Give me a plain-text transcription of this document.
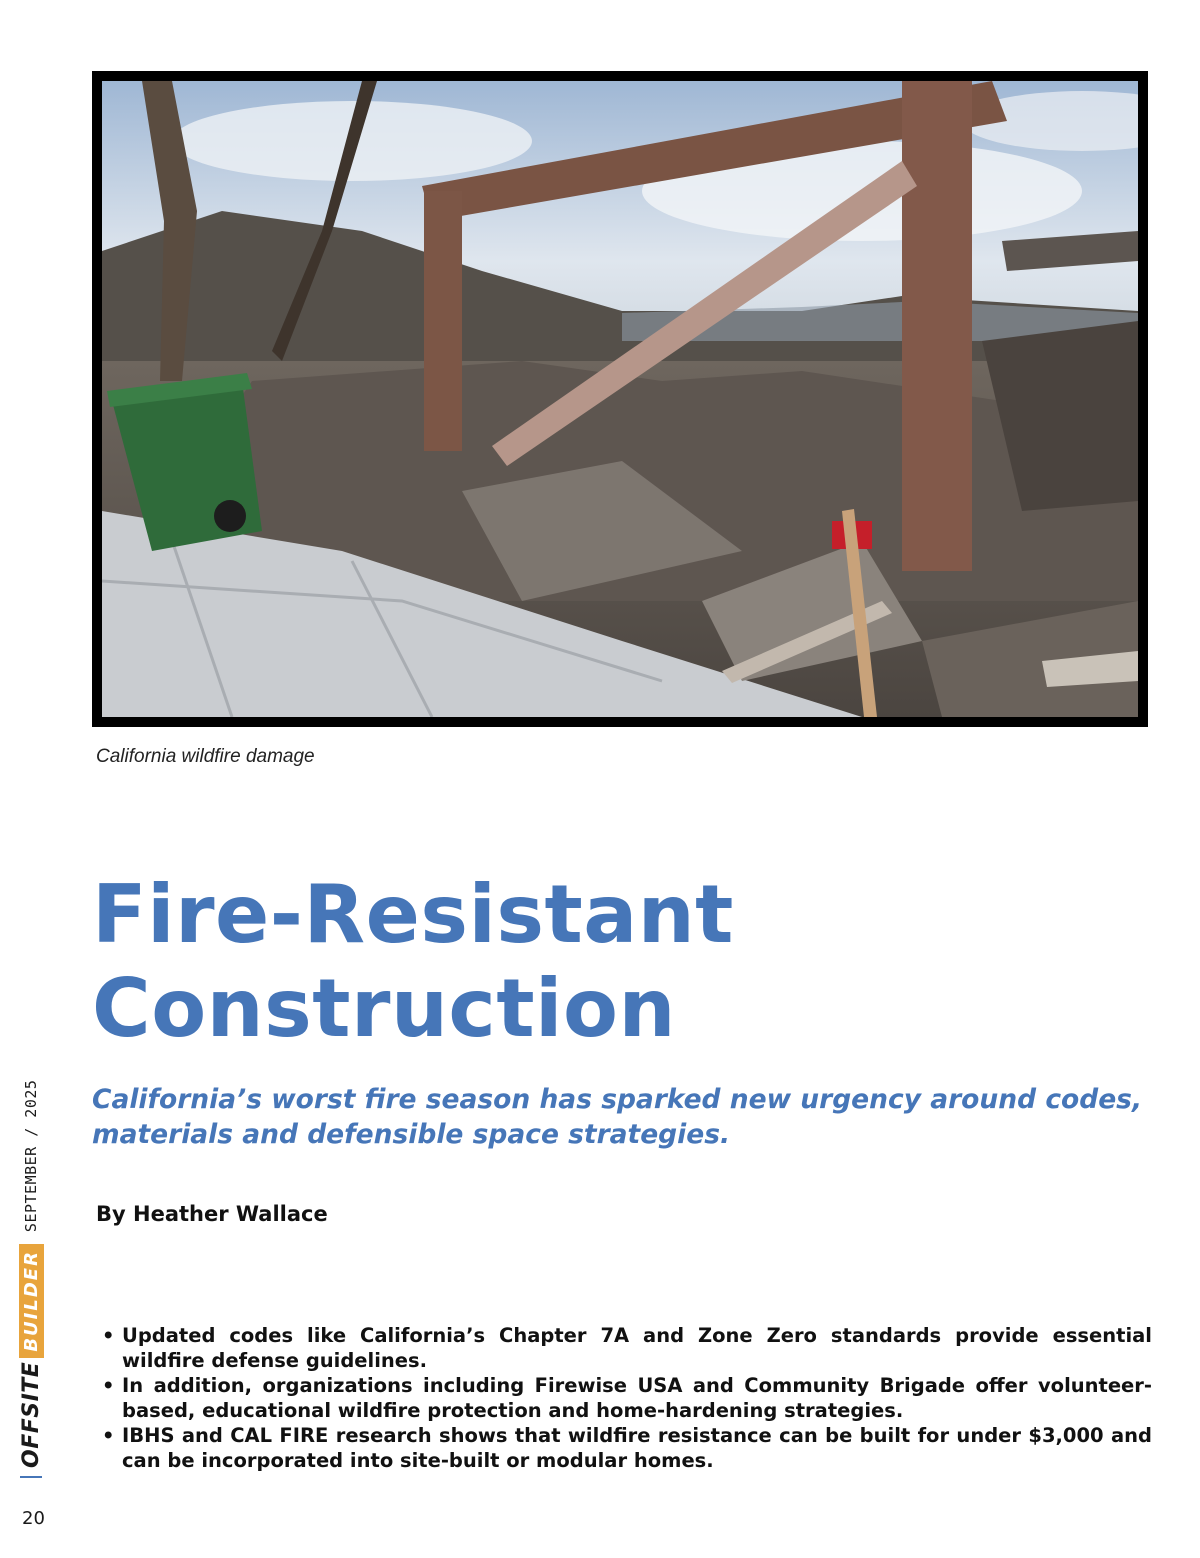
California wildfire damage
Fire-Resistant
Construction
California’s worst fire season has sparked new urgency around codes,
materials and defensible space strategies.
By Heather Wallace
• Updated codes like California’s Chapter 7A and Zone Zero standards provide essential wildfire defense guidelines.
• In addition, organizations including Firewise USA and Community Brigade offer volunteer-based, educational wildfire protection and home-hardening strategies.
• IBHS and CAL FIRE research shows that wildfire resistance can be built for under $3,000 and can be incorporated into site-built or modular homes.
OFFSITE
BUILDER
SEPTEMBER / 2025
20
